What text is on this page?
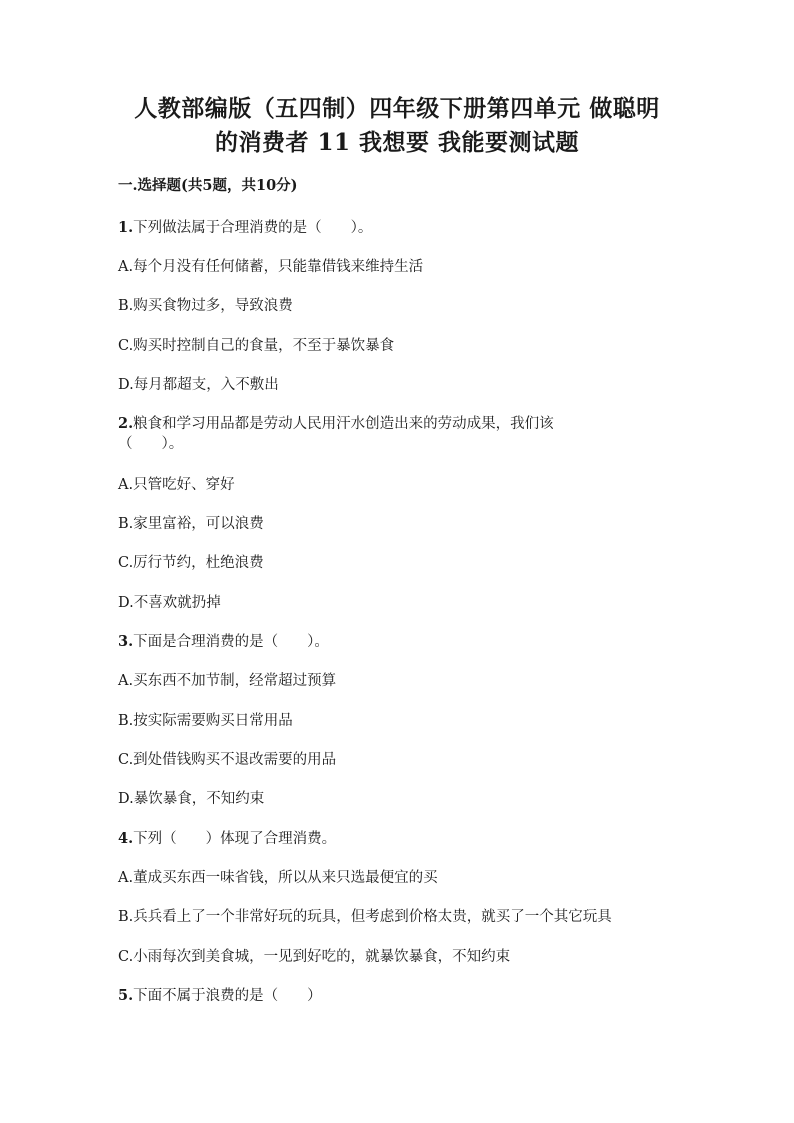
人教部编版（五四制）四年级下册第四单元 做聪明
的消费者 11 我想要 我能要测试题
一.选择题(共5题，共10分)
1.下列做法属于合理消费的是（　　）。
A.每个月没有任何储蓄，只能靠借钱来维持生活
B.购买食物过多，导致浪费
C.购买时控制自己的食量，不至于暴饮暴食
D.每月都超支，入不敷出
2.粮食和学习用品都是劳动人民用汗水创造出来的劳动成果，我们该
（　　）。
A.只管吃好、穿好
B.家里富裕，可以浪费
C.厉行节约，杜绝浪费
D.不喜欢就扔掉
3.下面是合理消费的是（　　）。
A.买东西不加节制，经常超过预算
B.按实际需要购买日常用品
C.到处借钱购买不退改需要的用品
D.暴饮暴食，不知约束
4.下列（　　）体现了合理消费。
A.董成买东西一味省钱，所以从来只选最便宜的买
B.兵兵看上了一个非常好玩的玩具，但考虑到价格太贵，就买了一个其它玩具
C.小雨每次到美食城，一见到好吃的，就暴饮暴食，不知约束
5.下面不属于浪费的是（　　）
